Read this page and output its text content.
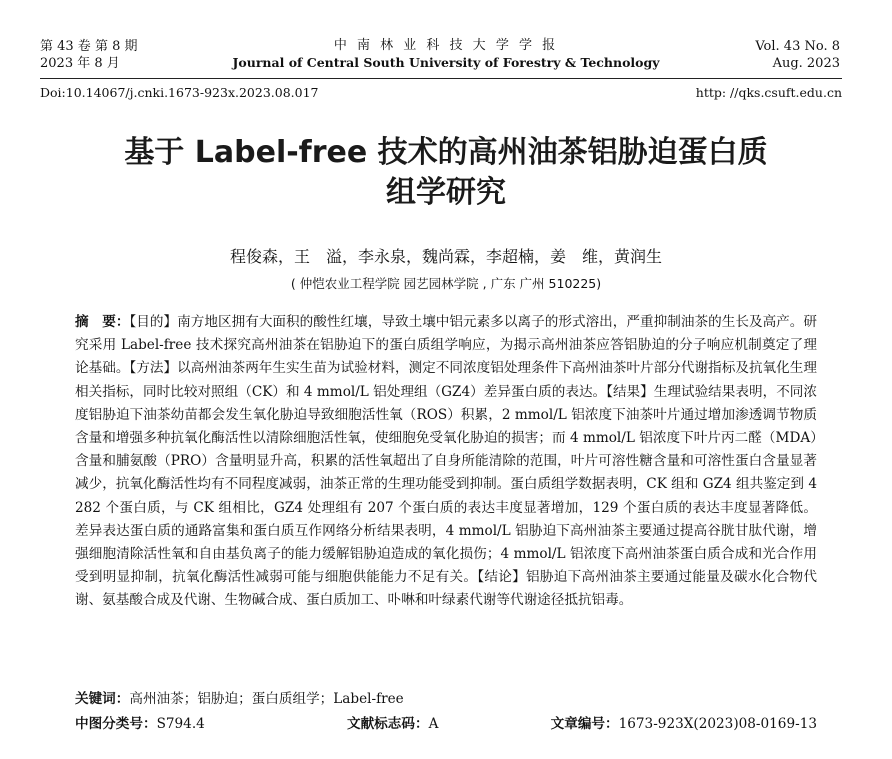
第 43 卷 第 8 期
2023 年 8 月
中 南 林 业 科 技 大 学 学 报
Journal of Central South University of Forestry & Technology
Vol. 43 No. 8
Aug. 2023
Doi:10.14067/j.cnki.1673-923x.2023.08.017	http: //qks.csuft.edu.cn
基于 Label-free 技术的高州油茶铝胁迫蛋白质
组学研究
程俊森，王　溢，李永泉，魏尚霖，李超楠，姜　维，黄润生
( 仲恺农业工程学院 园艺园林学院 , 广东 广州 510225)
摘　要：【目的】南方地区拥有大面积的酸性红壤，导致土壤中铝元素多以离子的形式溶出，严重抑制油茶的生长及高产。研究采用 Label-free 技术探究高州油茶在铝胁迫下的蛋白质组学响应，为揭示高州油茶应答铝胁迫的分子响应机制奠定了理论基础。【方法】以高州油茶两年生实生苗为试验材料，测定不同浓度铝处理条件下高州油茶叶片部分代谢指标及抗氧化生理相关指标，同时比较对照组（CK）和 4 mmol/L 铝处理组（GZ4）差异蛋白质的表达。【结果】生理试验结果表明，不同浓度铝胁迫下油茶幼苗都会发生氧化胁迫导致细胞活性氧（ROS）积累，2 mmol/L 铝浓度下油茶叶片通过增加渗透调节物质含量和增强多种抗氧化酶活性以清除细胞活性氧，使细胞免受氧化胁迫的损害；而 4 mmol/L 铝浓度下叶片丙二醛（MDA）含量和脯氨酸（PRO）含量明显升高，积累的活性氧超出了自身所能清除的范围，叶片可溶性糖含量和可溶性蛋白含量显著减少，抗氧化酶活性均有不同程度减弱，油茶正常的生理功能受到抑制。蛋白质组学数据表明，CK 组和 GZ4 组共鉴定到 4 282 个蛋白质，与 CK 组相比，GZ4 处理组有 207 个蛋白质的表达丰度显著增加，129 个蛋白质的表达丰度显著降低。差异表达蛋白质的通路富集和蛋白质互作网络分析结果表明，4 mmol/L 铝胁迫下高州油茶主要通过提高谷胱甘肽代谢，增强细胞清除活性氧和自由基负离子的能力缓解铝胁迫造成的氧化损伤；4 mmol/L 铝浓度下高州油茶蛋白质合成和光合作用受到明显抑制，抗氧化酶活性减弱可能与细胞供能能力不足有关。【结论】铝胁迫下高州油茶主要通过能量及碳水化合物代谢、氨基酸合成及代谢、生物碱合成、蛋白质加工、卟啉和叶绿素代谢等代谢途径抵抗铝毒。
关键词：高州油茶；铝胁迫；蛋白质组学；Label-free
中图分类号：S794.4	文献标志码：A	文章编号：1673-923X(2023)08-0169-13
